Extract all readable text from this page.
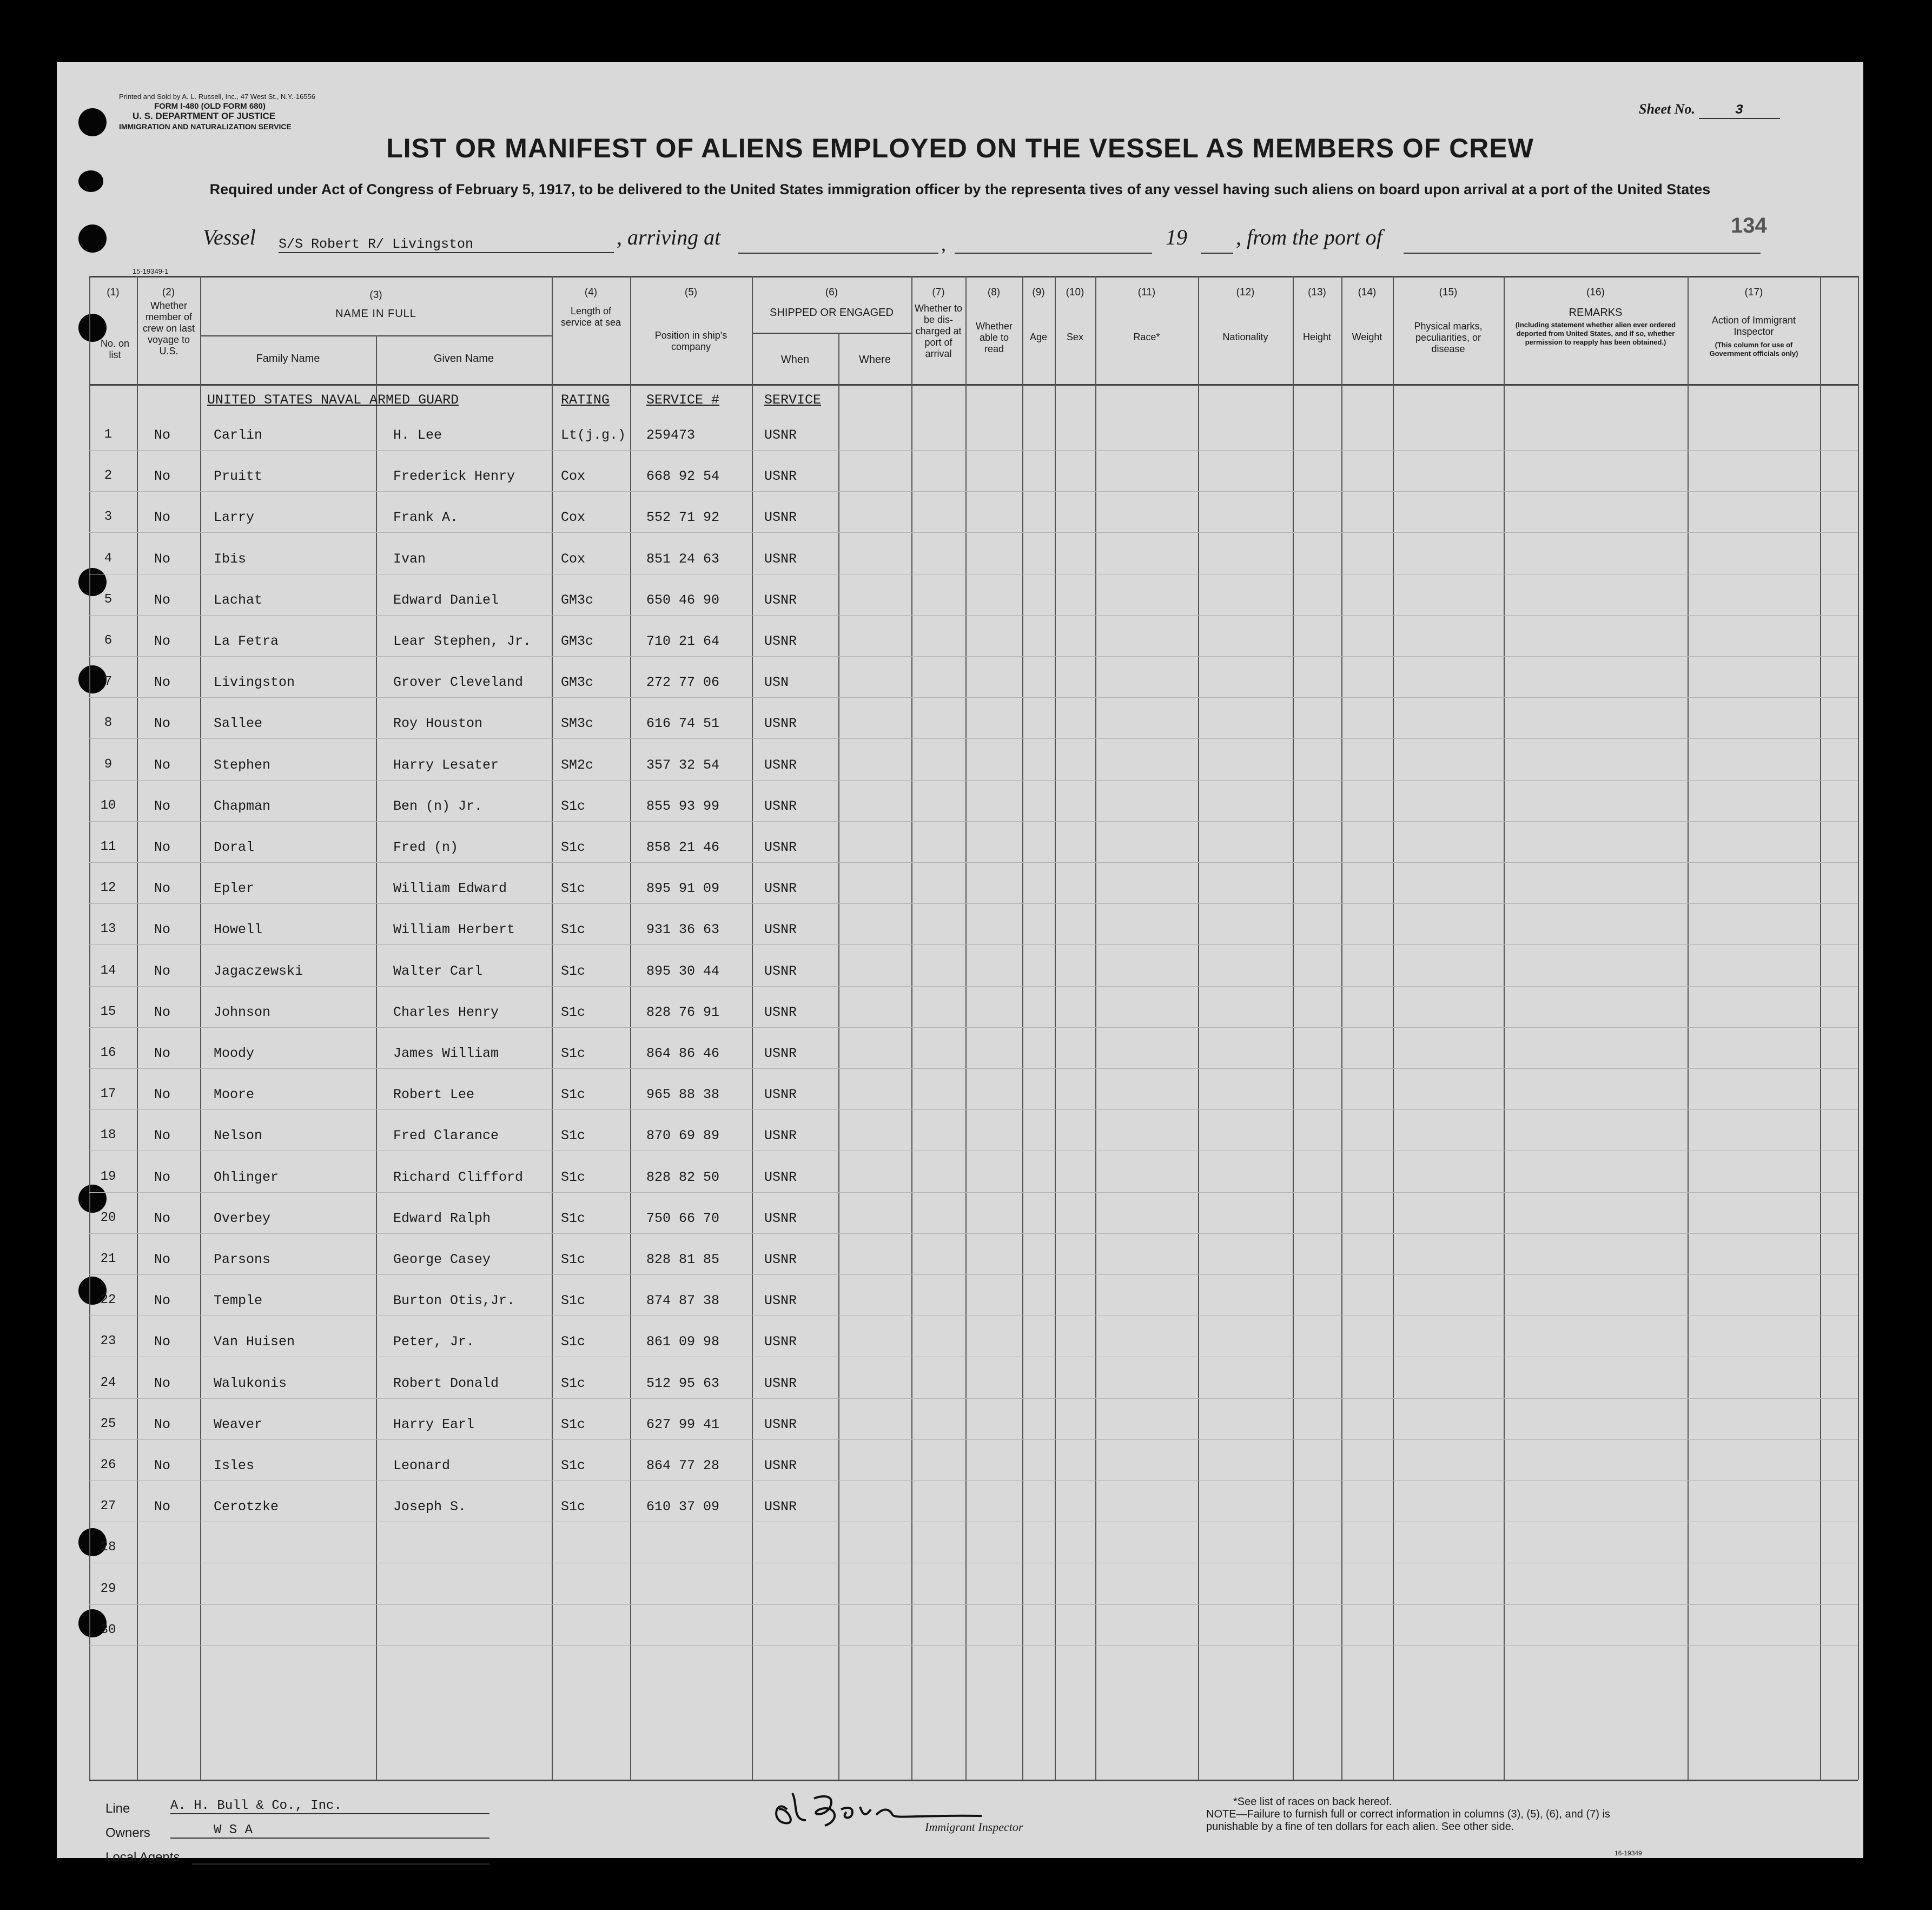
Printed and Sold by A. L. Russell, Inc., 47 West St., N.Y.-16556
FORM I-480 (OLD FORM 680)
U. S. DEPARTMENT OF JUSTICE
IMMIGRATION AND NATURALIZATION SERVICE
Sheet No.	3
LIST OR MANIFEST OF ALIENS EMPLOYED ON THE VESSEL AS MEMBERS OF CREW
Required under Act of Congress of February 5, 1917, to be delivered to the United States immigration officer by the representa tives of any vessel having such aliens on board upon arrival at a port of the United States
134
Vessel S/S Robert R/ Livingston	, arriving at	,	19 , from the port of
15-19349-1
(1)
No. on list
(2)
Whether member of crew on last voyage to U.S.
(3)
NAME IN FULL
Family Name	Given Name
(4)
Length of service at sea
(5)
Position in ship's company
(6)
SHIPPED OR ENGAGED
When	Where
(7)
Whether to be dis-charged at port of arrival
(8)
Whether able to read
(9)
Age
(10)
Sex
(11)
Race*
(12)
Nationality
(13)
Height
(14)
Weight
(15)
Physical marks, peculiarities, or disease
(16)
REMARKS
(Including statement whether alien ever ordered deported from United States, and if so, whether permission to reapply has been obtained.)
(17)
Action of Immigrant Inspector
(This column for use of Government officials only)
UNITED STATES NAVAL ARMED GUARD	RATING	SERVICE #	SERVICE
1	No	Carlin	H. Lee	Lt(j.g.) 259473	USNR
2	No	Pruitt	Frederick Henry	Cox	668 92 54	USNR
3	No	Larry	Frank A.	Cox	552 71 92	USNR
4	No	Ibis	Ivan	Cox	851 24 63	USNR
5	No	Lachat	Edward Daniel	GM3c	650 46 90	USNR
6	No	La Fetra	Lear Stephen, Jr. GM3c	710 21 64	USNR
7	No	Livingston	Grover Cleveland	GM3c	272 77 06	USN
8	No	Sallee	Roy Houston	SM3c	616 74 51	USNR
9	No	Stephen	Harry Lesater	SM2c	357 32 54	USNR
10	No	Chapman	Ben (n) Jr.	S1c	855 93 99	USNR
11	No	Doral	Fred (n)	S1c	858 21 46	USNR
12	No	Epler	William Edward	S1c	895 91 09	USNR
13	No	Howell	William Herbert	S1c	931 36 63	USNR
14	No	Jagaczewski	Walter Carl	S1c	895 30 44	USNR
15	No	Johnson	Charles Henry	S1c	828 76 91	USNR
16	No	Moody	James William	S1c	864 86 46	USNR
17	No	Moore	Robert Lee	S1c	965 88 38	USNR
18	No	Nelson	Fred Clarance	S1c	870 69 89	USNR
19	No	Ohlinger	Richard Clifford	S1c	828 82 50	USNR
20	No	Overbey	Edward Ralph	S1c	750 66 70	USNR
21	No	Parsons	George Casey	S1c	828 81 85	USNR
22	No	Temple	Burton Otis,Jr.	S1c	874 87 38	USNR
23	No	Van Huisen	Peter, Jr.	S1c	861 09 98	USNR
24	No	Walukonis	Robert Donald	S1c	512 95 63	USNR
25	No	Weaver	Harry Earl	S1c	627 99 41	USNR
26	No	Isles	Leonard	S1c	864 77 28	USNR
27	No	Cerotzke	Joseph S.	S1c	610 37 09	USNR
28
29
30
Line	A. H. Bull & Co., Inc.
Owners	W S A
Local Agents
Immigrant Inspector
*See list of races on back hereof.
NOTE—Failure to furnish full or correct information in columns (3), (5), (6), and (7) is punishable by a fine of ten dollars for each alien. See other side.
16-19349
